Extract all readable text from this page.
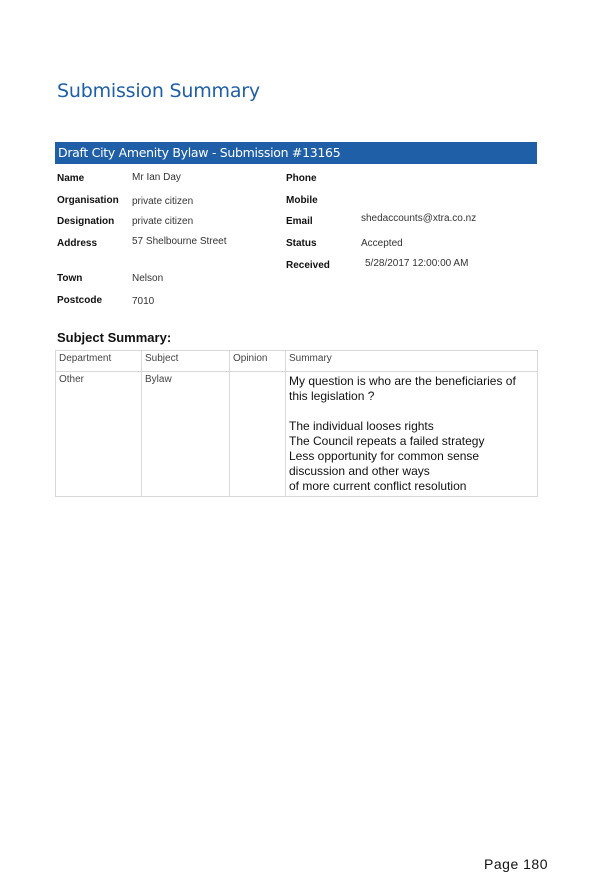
Submission Summary
Draft City Amenity Bylaw - Submission #13165
Name	Mr Ian Day
Organisation private citizen
Designation private citizen
Address	57 Shelbourne Street
Town	Nelson
Postcode	7010
Phone
Mobile
Email	shedaccounts@xtra.co.nz
Status	Accepted
Received	5/28/2017 12:00:00 AM
Subject Summary:
Department	Subject	Opinion	Summary
Other	Bylaw		My question is who are the beneficiaries of this legislation ?
The individual looses rights
The Council repeats a failed strategy
Less opportunity for common sense discussion and other ways
of more current conflict resolution
Page 180
